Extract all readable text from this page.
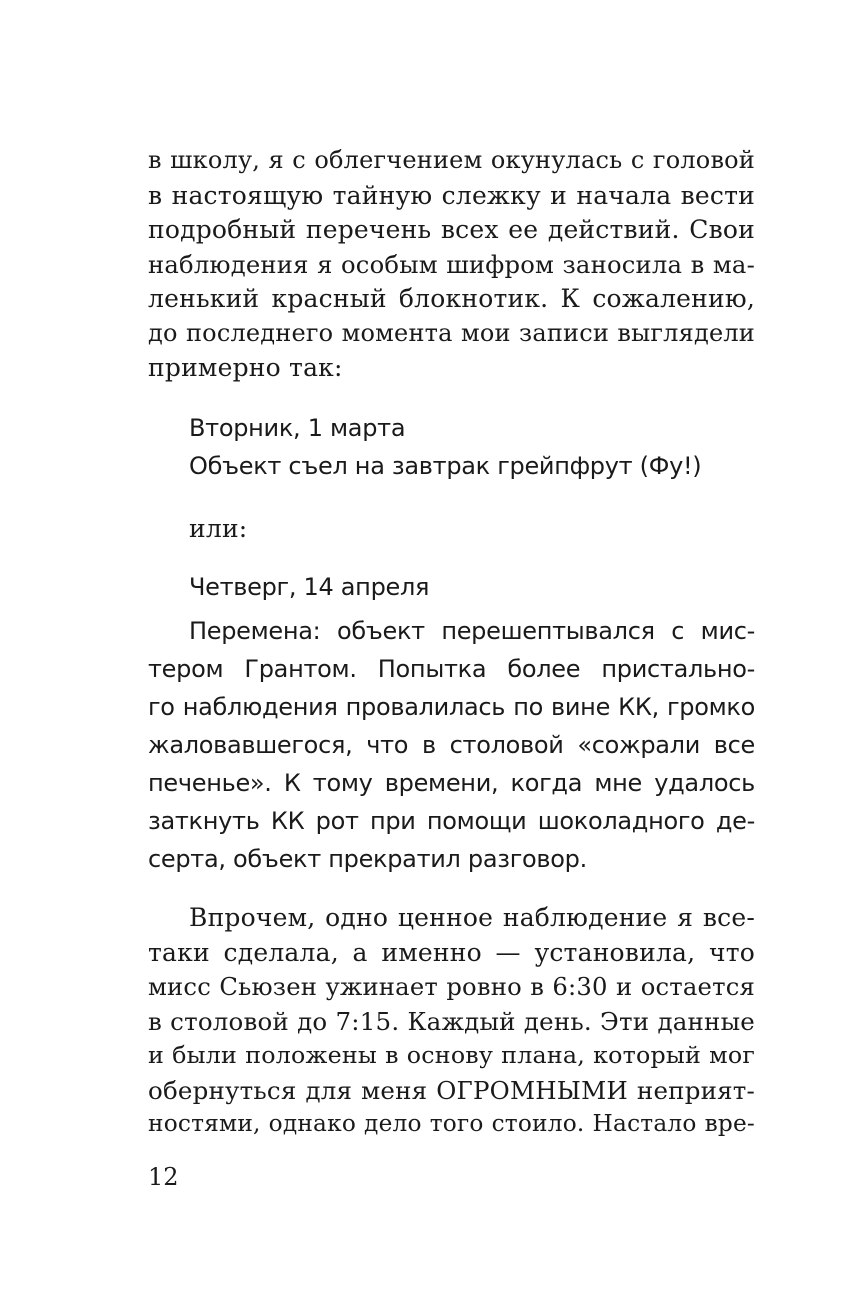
в школу, я с облегчением окунулась с головой

в настоящую тайную слежку и начала вести

подробный перечень всех ее действий. Свои

наблюдения я особым шифром заносила в ма-

ленький красный блокнотик. К сожалению,

до последнего момента мои записи выглядели

примерно так:

Вторник, 1 марта

Объект съел на завтрак грейпфрут (Фу!)

или:

Четверг, 14 апреля

Перемена: объект перешептывался с мис-

тером Грантом. Попытка более пристально-

го наблюдения провалилась по вине КК, громко

жаловавшегося, что в столовой «сожрали все

печенье». К тому времени, когда мне удалось

заткнуть КК рот при помощи шоколадного де-

серта, объект прекратил разговор.

Впрочем, одно ценное наблюдение я все-

таки сделала, а именно — установила, что

мисс Сьюзен ужинает ровно в 6:30 и остается

в столовой до 7:15. Каждый день. Эти данные

и были положены в основу плана, который мог

обернуться для меня ОГРОМНЫМИ неприят-

ностями, однако дело того стоило. Настало вре-

12
